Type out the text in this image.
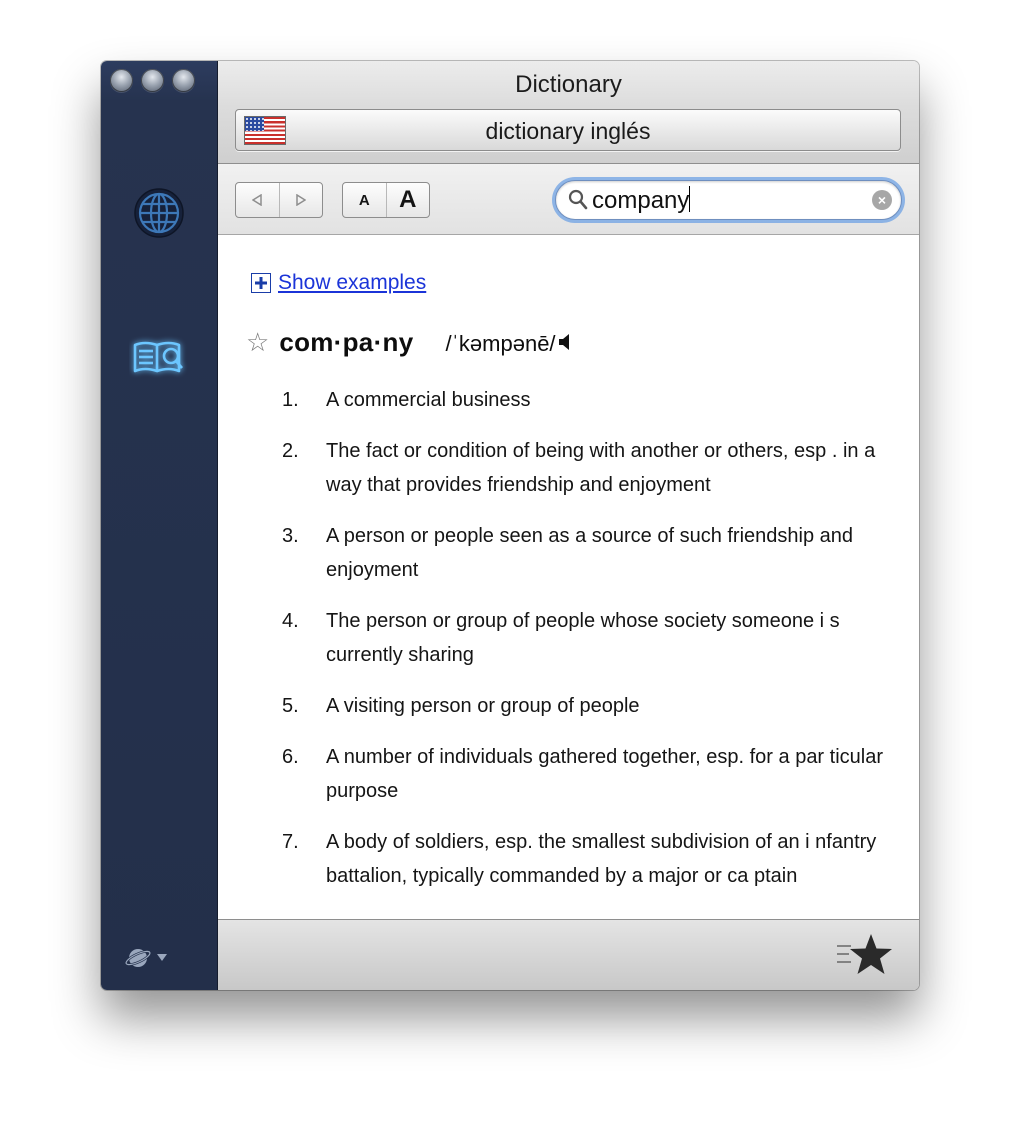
Dictionary
dictionary inglés
A	A	company	×
Show examples
☆ com·pa·ny /ˈkəmpənē/
1.	A commercial business
2.	The fact or condition of being with another or others, esp . in a way that provides friendship and enjoyment
3.	A person or people seen as a source of such friendship and enjoyment
4.	The person or group of people whose society someone i s currently sharing
5.	A visiting person or group of people
6.	A number of individuals gathered together, esp. for a par ticular purpose
7.	A body of soldiers, esp. the smallest subdivision of an i nfantry battalion, typically commanded by a major or ca ptain
